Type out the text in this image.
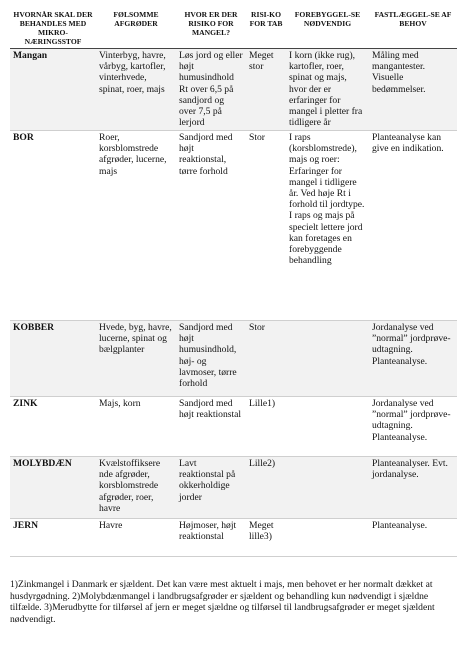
HVORNÅR SKAL DER BEHANDLES MED MIKRO-NÆRINGSSTOF	FØLSOMME AFGRØDER	HVOR ER DER RISIKO FOR MANGEL?	RISI-KO FOR TAB	FOREBYGGEL-SE NØDVENDIG	FASTLÆGGEL-SE AF BEHOV
Mangan	Vinterbyg, havre, vårbyg, kartofler, vinterhvede, spinat, roer, majs	Løs jord og eller højt humusindhold Rt over 6,5 på sandjord og over 7,5 på lerjord	Meget stor	I korn (ikke rug), kartofler, roer, spinat og majs, hvor der er erfaringer for mangel i pletter fra tidligere år	Måling med mangantester. Visuelle bedømmelser.
BOR	Roer, korsblomstrede afgrøder, lucerne, majs	Sandjord med højt reaktionstal, tørre forhold	Stor	I raps (korsblomstrede), majs og roer: Erfaringer for mangel i tidligere år. Ved høje Rt i forhold til jordtype. I raps og majs på specielt lettere jord kan foretages en forebyggende behandling	Planteanalyse kan give en indikation.
KOBBER	Hvede, byg, havre, lucerne, spinat og bælgplanter	Sandjord med højt humusindhold, høj- og lavmoser, tørre forhold	Stor		Jordanalyse ved ”normal” jordprøve-udtagning. Planteanalyse.
ZINK	Majs, korn	Sandjord med højt reaktionstal	Lille1)		Jordanalyse ved ”normal” jordprøve-udtagning. Planteanalyse.
MOLYBDÆN	Kvælstoffiksere nde afgrøder, korsblomstrede afgrøder, roer, havre	Lavt reaktionstal på okkerholdige jorder	Lille2)		Planteanalyser. Evt. jordanalyse.
JERN	Havre	Højmoser, højt reaktionstal	Meget lille3)		Planteanalyse.

1)Zinkmangel i Danmark er sjældent. Det kan være mest aktuelt i majs, men behovet er her normalt dækket at husdyrgødning. 2)Molybdænmangel i landbrugsafgrøder er sjældent og behandling kun nødvendigt i sjældne tilfælde. 3)Merudbytte for tilførsel af jern er meget sjældne og tilførsel til landbrugsafgrøder er meget sjældent nødvendigt.
